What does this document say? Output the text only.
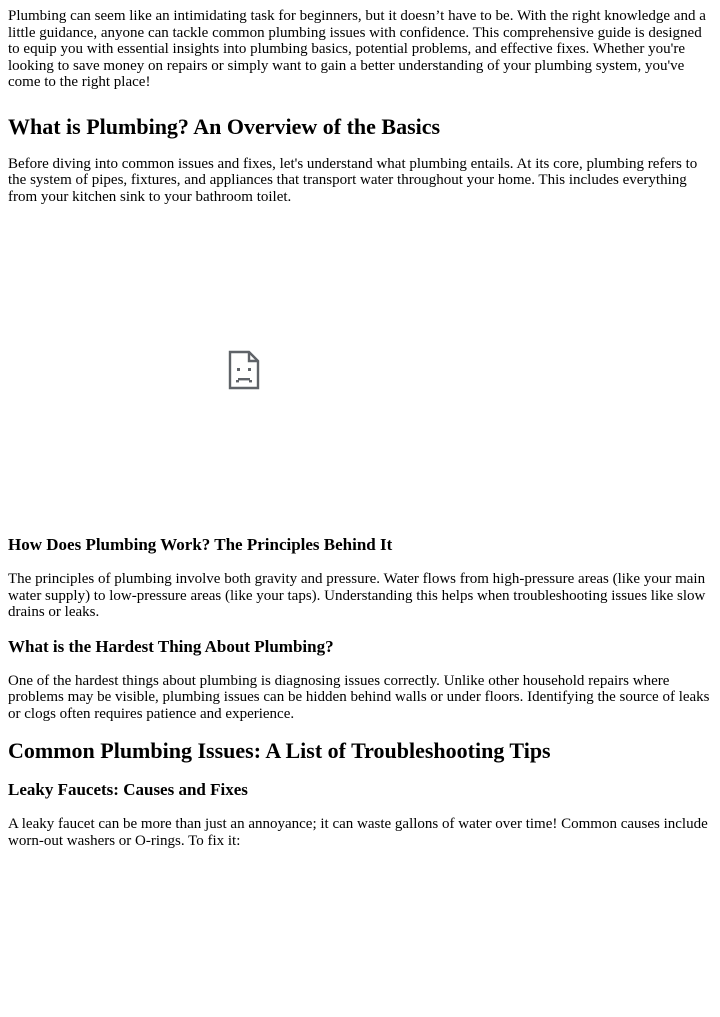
Plumbing can seem like an intimidating task for beginners, but it doesn’t have to be. With the right knowledge and a little guidance, anyone can tackle common plumbing issues with confidence. This comprehensive guide is designed to equip you with essential insights into plumbing basics, potential problems, and effective fixes. Whether you're looking to save money on repairs or simply want to gain a better understanding of your plumbing system, you've come to the right place!

What is Plumbing? An Overview of the Basics

Before diving into common issues and fixes, let's understand what plumbing entails. At its core, plumbing refers to the system of pipes, fixtures, and appliances that transport water throughout your home. This includes everything from your kitchen sink to your bathroom toilet.

How Does Plumbing Work? The Principles Behind It

The principles of plumbing involve both gravity and pressure. Water flows from high-pressure areas (like your main water supply) to low-pressure areas (like your taps). Understanding this helps when troubleshooting issues like slow drains or leaks.

What is the Hardest Thing About Plumbing?

One of the hardest things about plumbing is diagnosing issues correctly. Unlike other household repairs where problems may be visible, plumbing issues can be hidden behind walls or under floors. Identifying the source of leaks or clogs often requires patience and experience.

Common Plumbing Issues: A List of Troubleshooting Tips
Leaky Faucets: Causes and Fixes

A leaky faucet can be more than just an annoyance; it can waste gallons of water over time! Common causes include worn-out washers or O-rings. To fix it:
